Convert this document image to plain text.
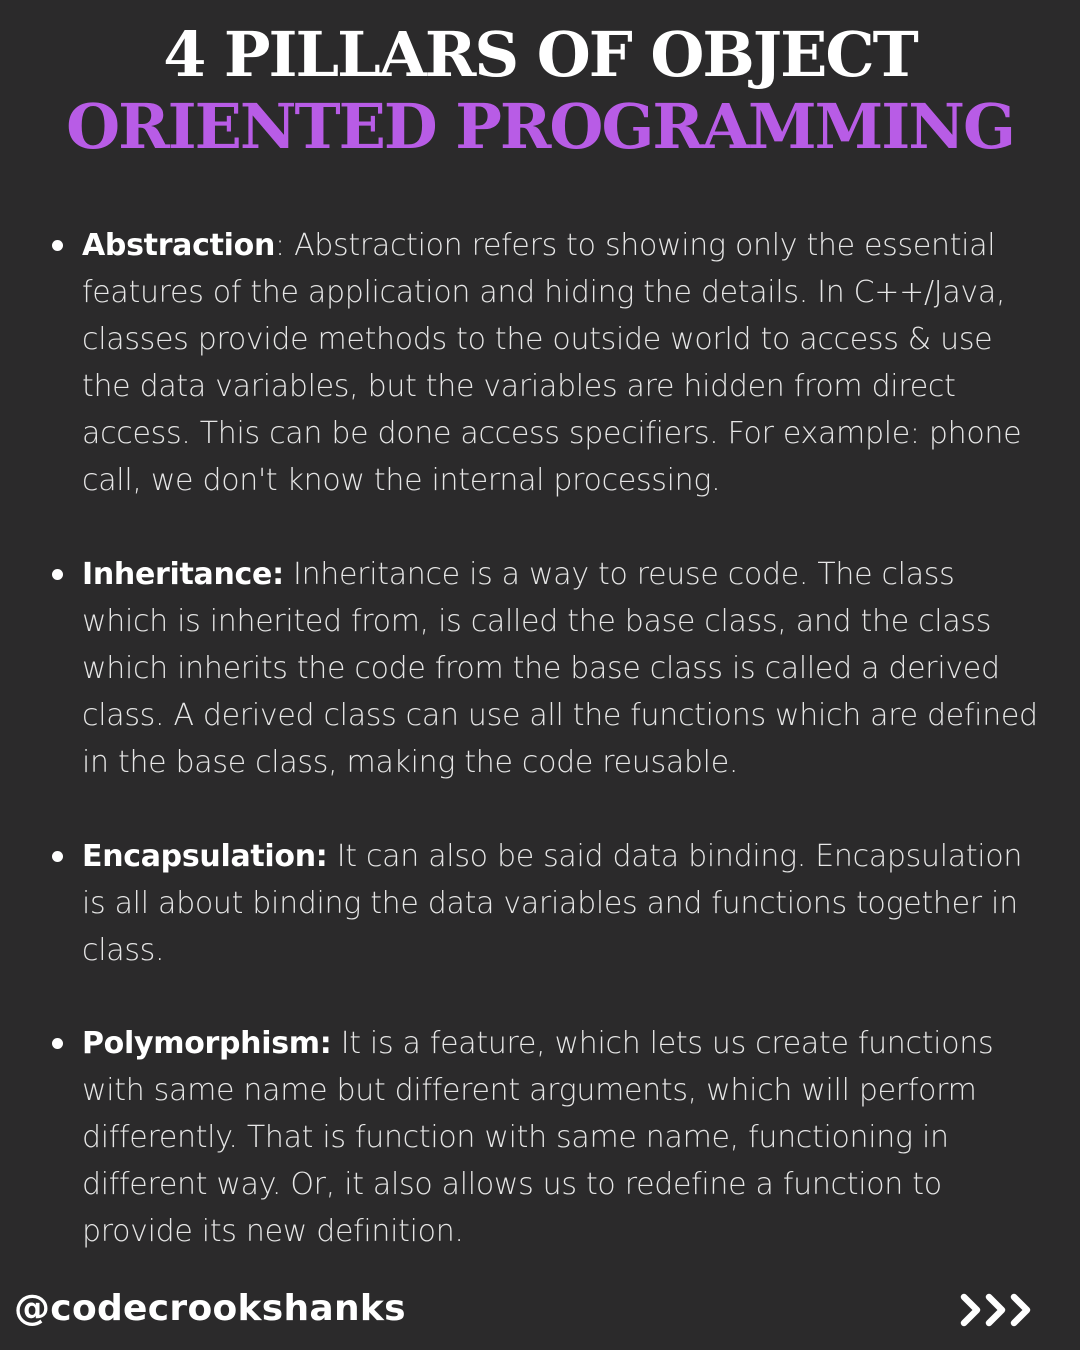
4 PILLARS OF OBJECT
ORIENTED PROGRAMMING
Abstraction: Abstraction refers to showing only the essential features of the application and hiding the details. In C++/Java, classes provide methods to the outside world to access & use the data variables, but the variables are hidden from direct access. This can be done access specifiers. For example: phone call, we don't know the internal processing.
Inheritance: Inheritance is a way to reuse code. The class which is inherited from, is called the base class, and the class which inherits the code from the base class is called a derived class. A derived class can use all the functions which are defined in the base class, making the code reusable.
Encapsulation: It can also be said data binding. Encapsulation is all about binding the data variables and functions together in class.
Polymorphism: It is a feature, which lets us create functions with same name but different arguments, which will perform differently. That is function with same name, functioning in different way. Or, it also allows us to redefine a function to provide its new definition.
@codecrookshanks
